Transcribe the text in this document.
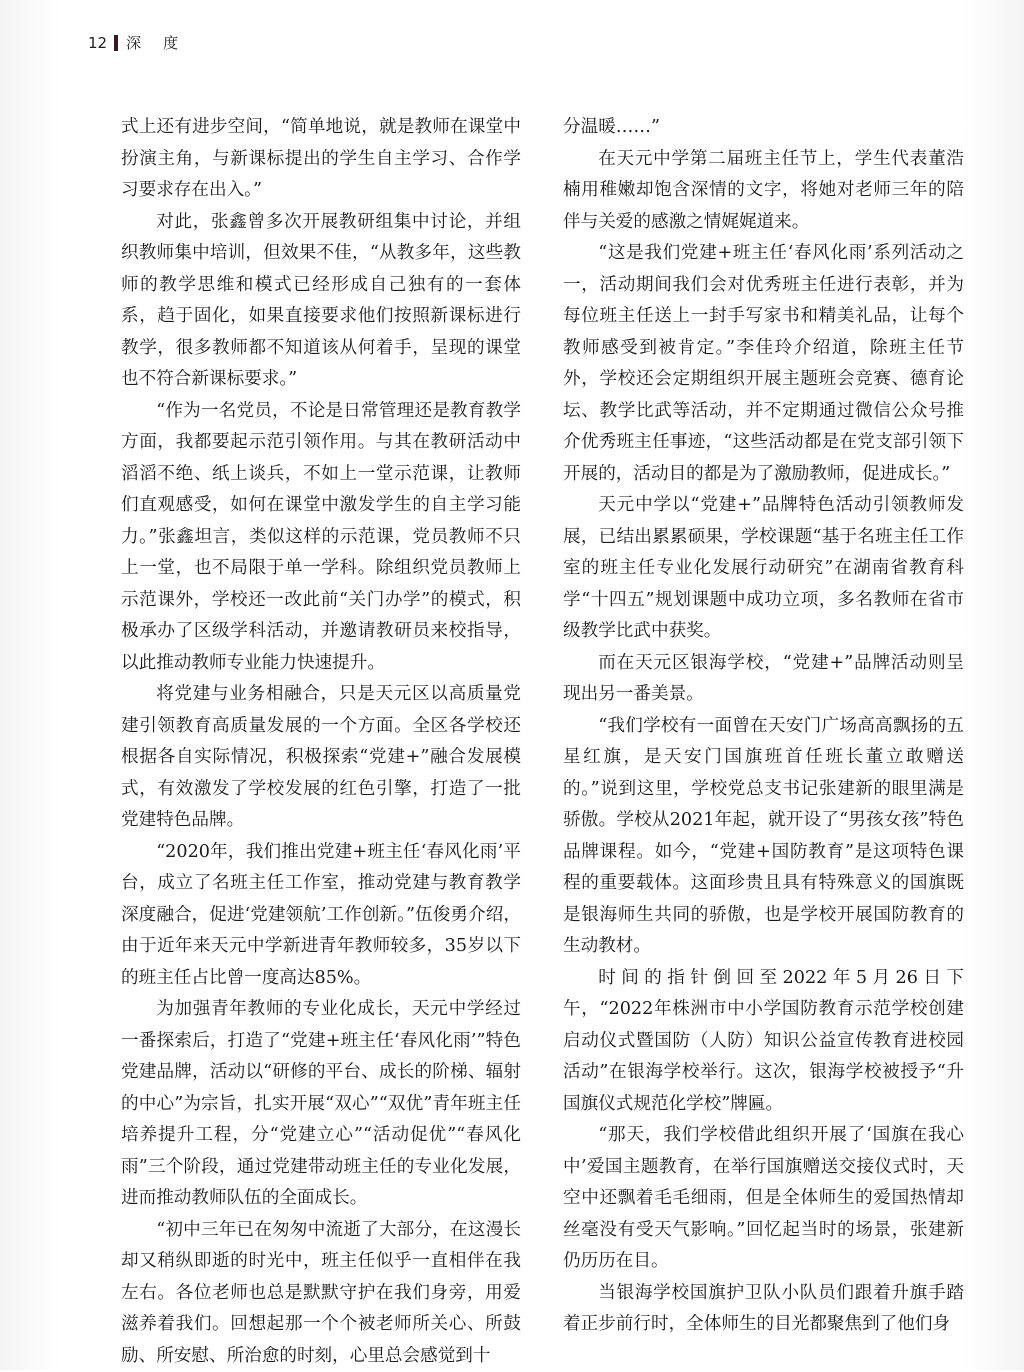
12 深度

式上还有进步空间，“简单地说，就是教师在课堂中扮演主角，与新课标提出的学生自主学习、合作学习要求存在出入。”

对此，张鑫曾多次开展教研组集中讨论，并组织教师集中培训，但效果不佳，“从教多年，这些教师的教学思维和模式已经形成自己独有的一套体系，趋于固化，如果直接要求他们按照新课标进行教学，很多教师都不知道该从何着手，呈现的课堂也不符合新课标要求。”

“作为一名党员，不论是日常管理还是教育教学方面，我都要起示范引领作用。与其在教研活动中滔滔不绝、纸上谈兵，不如上一堂示范课，让教师们直观感受，如何在课堂中激发学生的自主学习能力。”张鑫坦言，类似这样的示范课，党员教师不只上一堂，也不局限于单一学科。除组织党员教师上示范课外，学校还一改此前“关门办学”的模式，积极承办了区级学科活动，并邀请教研员来校指导，以此推动教师专业能力快速提升。

将党建与业务相融合，只是天元区以高质量党建引领教育高质量发展的一个方面。全区各学校还根据各自实际情况，积极探索“党建+”融合发展模式，有效激发了学校发展的红色引擎，打造了一批党建特色品牌。

“2020年，我们推出党建+班主任‘春风化雨’平台，成立了名班主任工作室，推动党建与教育教学深度融合，促进‘党建领航’工作创新。”伍俊勇介绍，由于近年来天元中学新进青年教师较多，35岁以下的班主任占比曾一度高达85%。

为加强青年教师的专业化成长，天元中学经过一番探索后，打造了“党建+班主任‘春风化雨’”特色党建品牌，活动以“研修的平台、成长的阶梯、辐射的中心”为宗旨，扎实开展“双心”“双优”青年班主任培养提升工程，分“党建立心”“活动促优”“春风化雨”三个阶段，通过党建带动班主任的专业化发展，进而推动教师队伍的全面成长。

“初中三年已在匆匆中流逝了大部分，在这漫长却又稍纵即逝的时光中，班主任似乎一直相伴在我左右。各位老师也总是默默守护在我们身旁，用爱滋养着我们。回想起那一个个被老师所关心、所鼓励、所安慰、所治愈的时刻，心里总会感觉到十

分温暖……”

在天元中学第二届班主任节上，学生代表董浩楠用稚嫩却饱含深情的文字，将她对老师三年的陪伴与关爱的感激之情娓娓道来。

“这是我们党建+班主任‘春风化雨’系列活动之一，活动期间我们会对优秀班主任进行表彰，并为每位班主任送上一封手写家书和精美礼品，让每个教师感受到被肯定。”李佳玲介绍道，除班主任节外，学校还会定期组织开展主题班会竞赛、德育论坛、教学比武等活动，并不定期通过微信公众号推介优秀班主任事迹，“这些活动都是在党支部引领下开展的，活动目的都是为了激励教师，促进成长。”

天元中学以“党建+”品牌特色活动引领教师发展，已结出累累硕果，学校课题“基于名班主任工作室的班主任专业化发展行动研究”在湖南省教育科学“十四五”规划课题中成功立项，多名教师在省市级教学比武中获奖。

而在天元区银海学校，“党建+”品牌活动则呈现出另一番美景。

“我们学校有一面曾在天安门广场高高飘扬的五星红旗，是天安门国旗班首任班长董立敢赠送的。”说到这里，学校党总支书记张建新的眼里满是骄傲。学校从2021年起，就开设了“男孩女孩”特色品牌课程。如今，“党建+国防教育”是这项特色课程的重要载体。这面珍贵且具有特殊意义的国旗既是银海师生共同的骄傲，也是学校开展国防教育的生动教材。

时间的指针倒回至2022年5月26日下午，“2022年株洲市中小学国防教育示范学校创建启动仪式暨国防（人防）知识公益宣传教育进校园活动”在银海学校举行。这次，银海学校被授予“升国旗仪式规范化学校”牌匾。

“那天，我们学校借此组织开展了‘国旗在我心中’爱国主题教育，在举行国旗赠送交接仪式时，天空中还飘着毛毛细雨，但是全体师生的爱国热情却丝毫没有受天气影响。”回忆起当时的场景，张建新仍历历在目。

当银海学校国旗护卫队小队员们跟着升旗手踏着正步前行时，全体师生的目光都聚焦到了他们身
